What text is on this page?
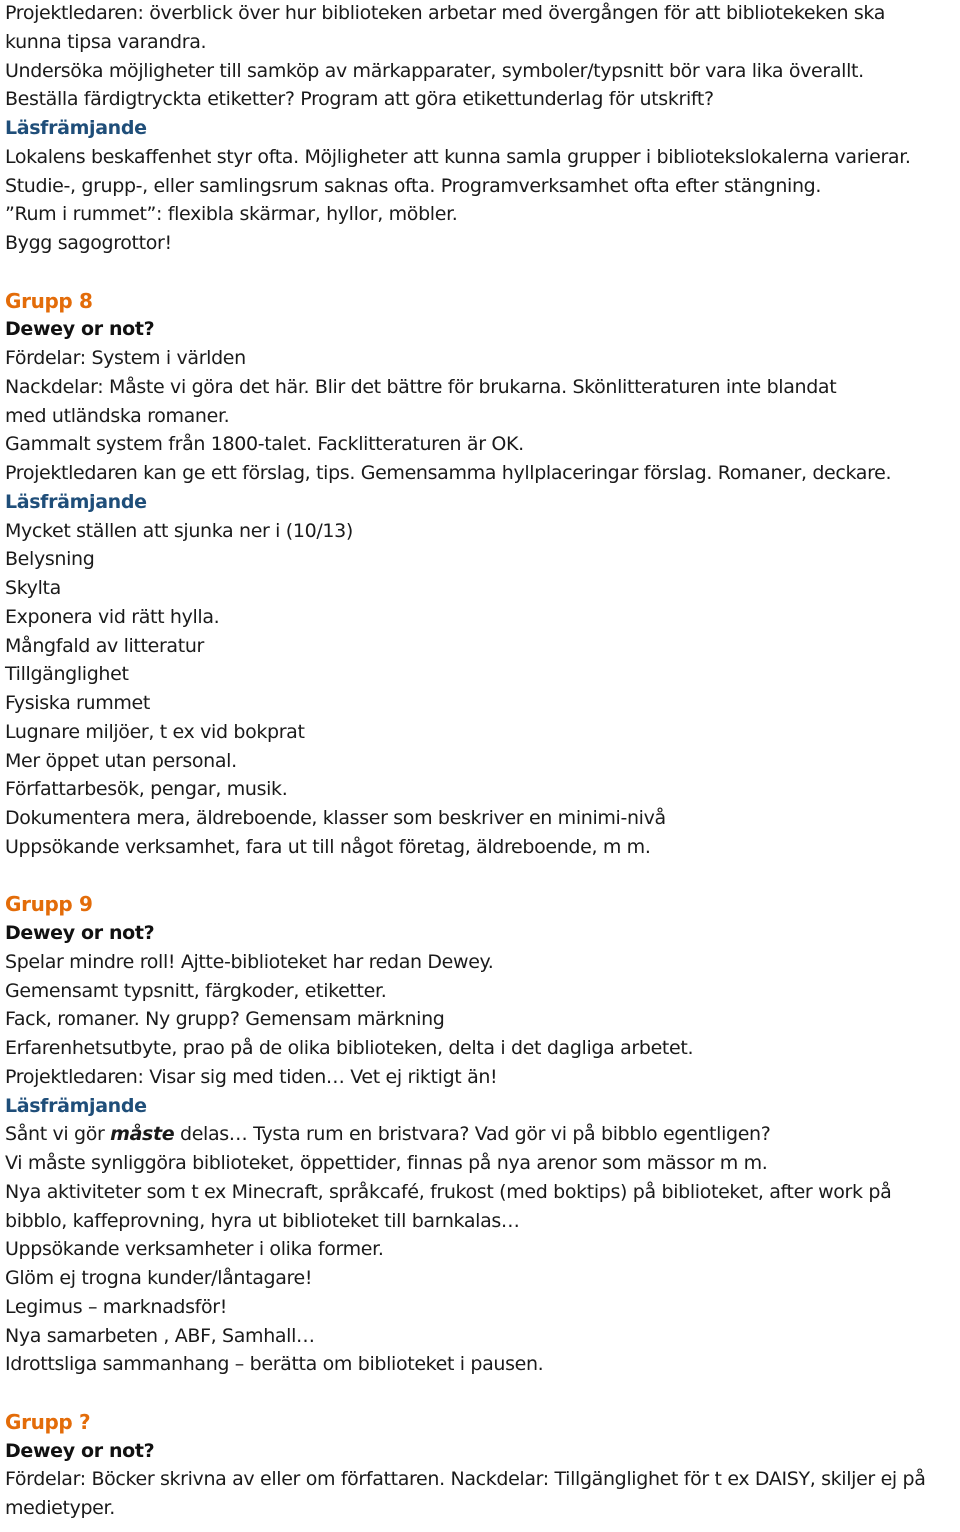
Projektledaren: överblick över hur biblioteken arbetar med övergången för att bibliotekeken ska
kunna tipsa varandra.
Undersöka möjligheter till samköp av märkapparater, symboler/typsnitt bör vara lika överallt.
Beställa färdigtryckta etiketter? Program att göra etikettunderlag för utskrift?
Läsfrämjande
Lokalens beskaffenhet styr ofta. Möjligheter att kunna samla grupper i bibliotekslokalerna varierar.
Studie-, grupp-, eller samlingsrum saknas ofta. Programverksamhet ofta efter stängning.
”Rum i rummet”: flexibla skärmar, hyllor, möbler.
Bygg sagogrottor!
Grupp 8
Dewey or not?
Fördelar: System i världen
Nackdelar: Måste vi göra det här. Blir det bättre för brukarna. Skönlitteraturen inte blandat
med utländska romaner.
Gammalt system från 1800-talet. Facklitteraturen är OK.
Projektledaren kan ge ett förslag, tips. Gemensamma hyllplaceringar förslag. Romaner, deckare.
Läsfrämjande
Mycket ställen att sjunka ner i (10/13)
Belysning
Skylta
Exponera vid rätt hylla.
Mångfald av litteratur
Tillgänglighet
Fysiska rummet
Lugnare miljöer, t ex vid bokprat
Mer öppet utan personal.
Författarbesök, pengar, musik.
Dokumentera mera, äldreboende, klasser som beskriver en minimi-nivå
Uppsökande verksamhet, fara ut till något företag, äldreboende, m m.
Grupp 9
Dewey or not?
Spelar mindre roll! Ajtte-biblioteket har redan Dewey.
Gemensamt typsnitt, färgkoder, etiketter.
Fack, romaner. Ny grupp? Gemensam märkning
Erfarenhetsutbyte, prao på de olika biblioteken, delta i det dagliga arbetet.
Projektledaren: Visar sig med tiden… Vet ej riktigt än!
Läsfrämjande
Sånt vi gör måste delas… Tysta rum en bristvara? Vad gör vi på bibblo egentligen?
Vi måste synliggöra biblioteket, öppettider, finnas på nya arenor som mässor m m.
Nya aktiviteter som t ex Minecraft, språkcafé, frukost (med boktips) på biblioteket, after work på
bibblo, kaffeprovning, hyra ut biblioteket till barnkalas…
Uppsökande verksamheter i olika former.
Glöm ej trogna kunder/låntagare!
Legimus – marknadsför!
Nya samarbeten , ABF, Samhall…
Idrottsliga sammanhang – berätta om biblioteket i pausen.
Grupp ?
Dewey or not?
Fördelar: Böcker skrivna av eller om författaren. Nackdelar: Tillgänglighet för t ex DAISY, skiljer ej på
medietyper.
